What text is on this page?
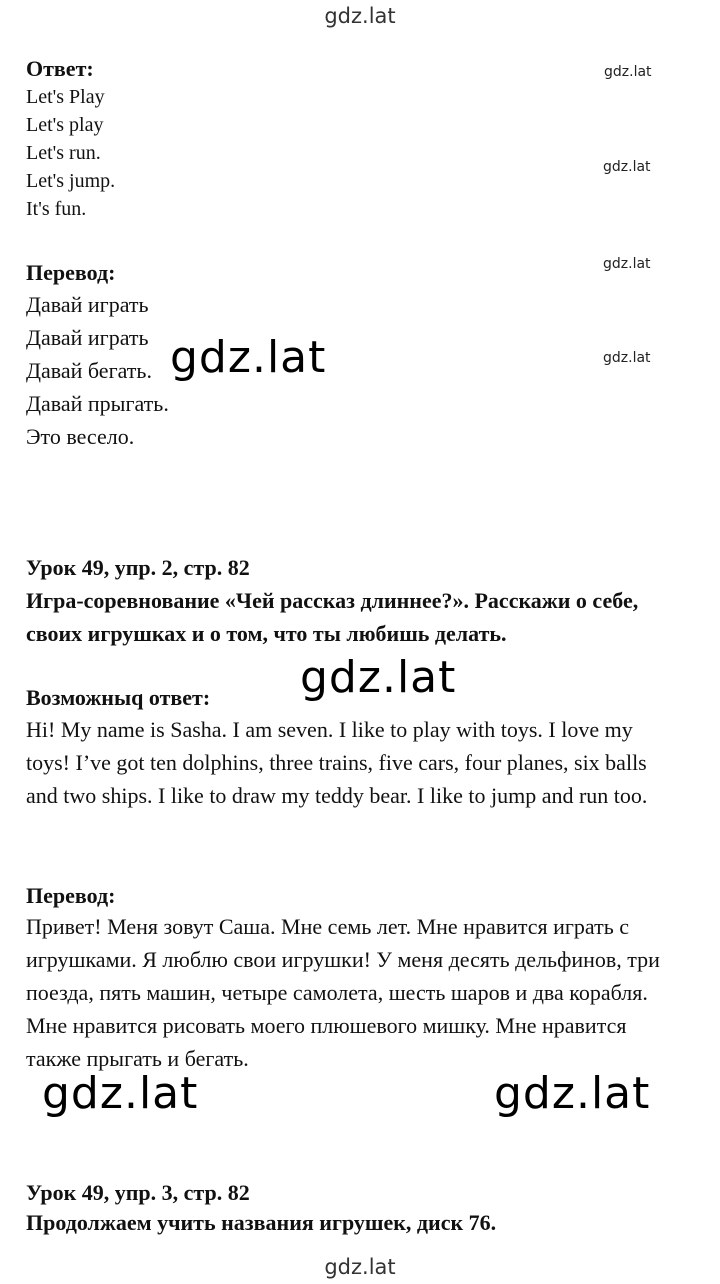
gdz.lat
gdz.lat
gdz.lat
gdz.lat
gdz.lat
gdz.lat
gdz.lat
gdz.lat	gdz.lat
gdz.lat
Ответ:
Let's Play
Let's play
Let's run.
Let's jump.
It's fun.
Перевод:
Давай играть
Давай играть
Давай бегать.
Давай прыгать.
Это весело.
Урок 49, упр. 2, стр. 82
Игра-соревнование «Чей рассказ длиннее?». Расскажи о себе, своих игрушках и о том, что ты любишь делать.
Возможныq ответ:
Hi! My name is Sasha. I am seven. I like to play with toys. I love my toys! I’ve got ten dolphins, three trains, five cars, four planes, six balls and two ships. I like to draw my teddy bear. I like to jump and run too.
Перевод:
Привет! Меня зовут Саша. Мне семь лет. Мне нравится играть с игрушками. Я люблю свои игрушки! У меня десять дельфинов, три поезда, пять машин, четыре самолета, шесть шаров и два корабля. Мне нравится рисовать моего плюшевого мишку. Мне нравится также прыгать и бегать.
Урок 49, упр. 3, стр. 82
Продолжаем учить названия игрушек, диск 76.
